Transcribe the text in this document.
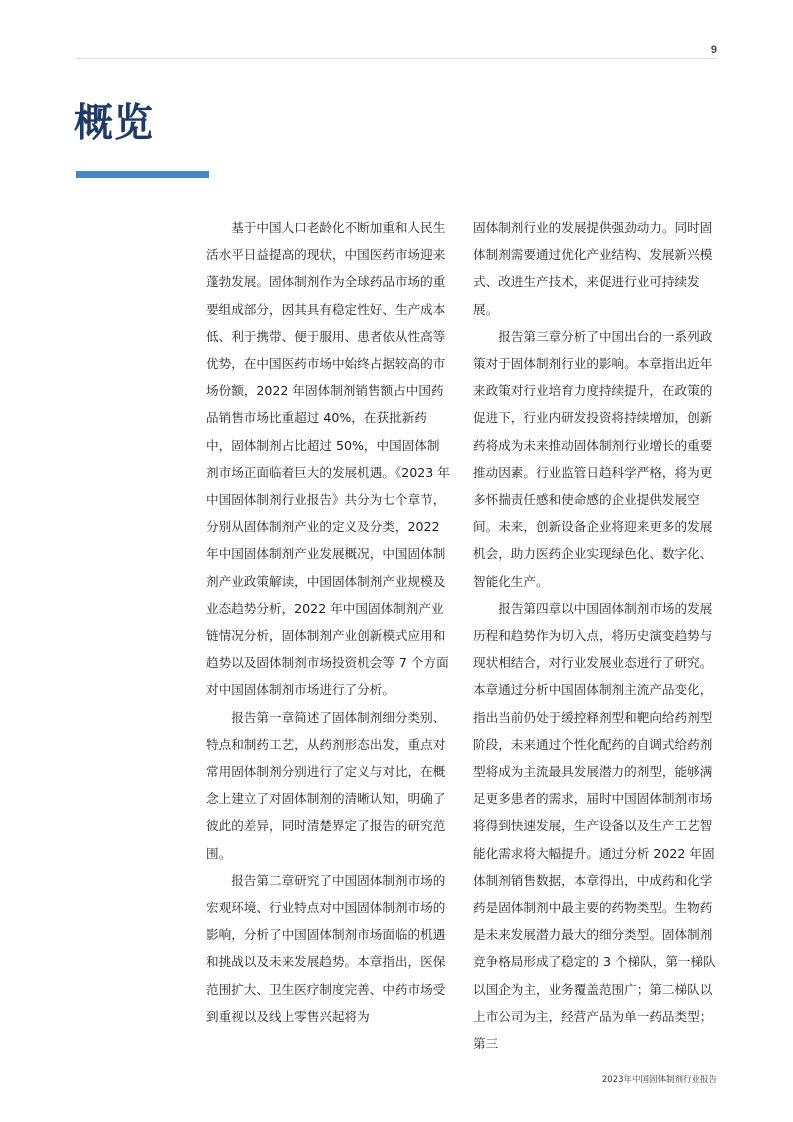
9
概览

基于中国人口老龄化不断加重和人民生活水平日益提高的现状，中国医药市场迎来蓬勃发展。固体制剂作为全球药品市场的重要组成部分，因其具有稳定性好、生产成本低、利于携带、便于服用、患者依从性高等优势，在中国医药市场中始终占据较高的市场份额，2022 年固体制剂销售额占中国药品销售市场比重超过 40%，在获批新药中，固体制剂占比超过 50%，中国固体制剂市场正面临着巨大的发展机遇。《2023 年中国固体制剂行业报告》共分为七个章节，分别从固体制剂产业的定义及分类，2022 年中国固体制剂产业发展概况，中国固体制剂产业政策解读，中国固体制剂产业规模及业态趋势分析，2022 年中国固体制剂产业链情况分析，固体制剂产业创新模式应用和趋势以及固体制剂市场投资机会等 7 个方面对中国固体制剂市场进行了分析。

报告第一章简述了固体制剂细分类别、特点和制药工艺，从药剂形态出发，重点对常用固体制剂分别进行了定义与对比，在概念上建立了对固体制剂的清晰认知，明确了彼此的差异，同时清楚界定了报告的研究范围。

报告第二章研究了中国固体制剂市场的宏观环境、行业特点对中国固体制剂市场的影响，分析了中国固体制剂市场面临的机遇和挑战以及未来发展趋势。本章指出，医保范围扩大、卫生医疗制度完善、中药市场受到重视以及线上零售兴起将为

固体制剂行业的发展提供强劲动力。同时固体制剂需要通过优化产业结构、发展新兴模式、改进生产技术，来促进行业可持续发展。

报告第三章分析了中国出台的一系列政策对于固体制剂行业的影响。本章指出近年来政策对行业培育力度持续提升，在政策的促进下，行业内研发投资将持续增加，创新药将成为未来推动固体制剂行业增长的重要推动因素。行业监管日趋科学严格，将为更多怀揣责任感和使命感的企业提供发展空间。未来，创新设备企业将迎来更多的发展机会，助力医药企业实现绿色化、数字化、智能化生产。

报告第四章以中国固体制剂市场的发展历程和趋势作为切入点，将历史演变趋势与现状相结合，对行业发展业态进行了研究。本章通过分析中国固体制剂主流产品变化，指出当前仍处于缓控释剂型和靶向给药剂型阶段，未来通过个性化配药的自调式给药剂型将成为主流最具发展潜力的剂型，能够满足更多患者的需求，届时中国固体制剂市场将得到快速发展，生产设备以及生产工艺智能化需求将大幅提升。通过分析 2022 年固体制剂销售数据，本章得出，中成药和化学药是固体制剂中最主要的药物类型。生物药是未来发展潜力最大的细分类型。固体制剂竞争格局形成了稳定的 3 个梯队，第一梯队以国企为主，业务覆盖范围广；第二梯队以上市公司为主，经营产品为单一药品类型；第三

2023年中国固体制剂行业报告
